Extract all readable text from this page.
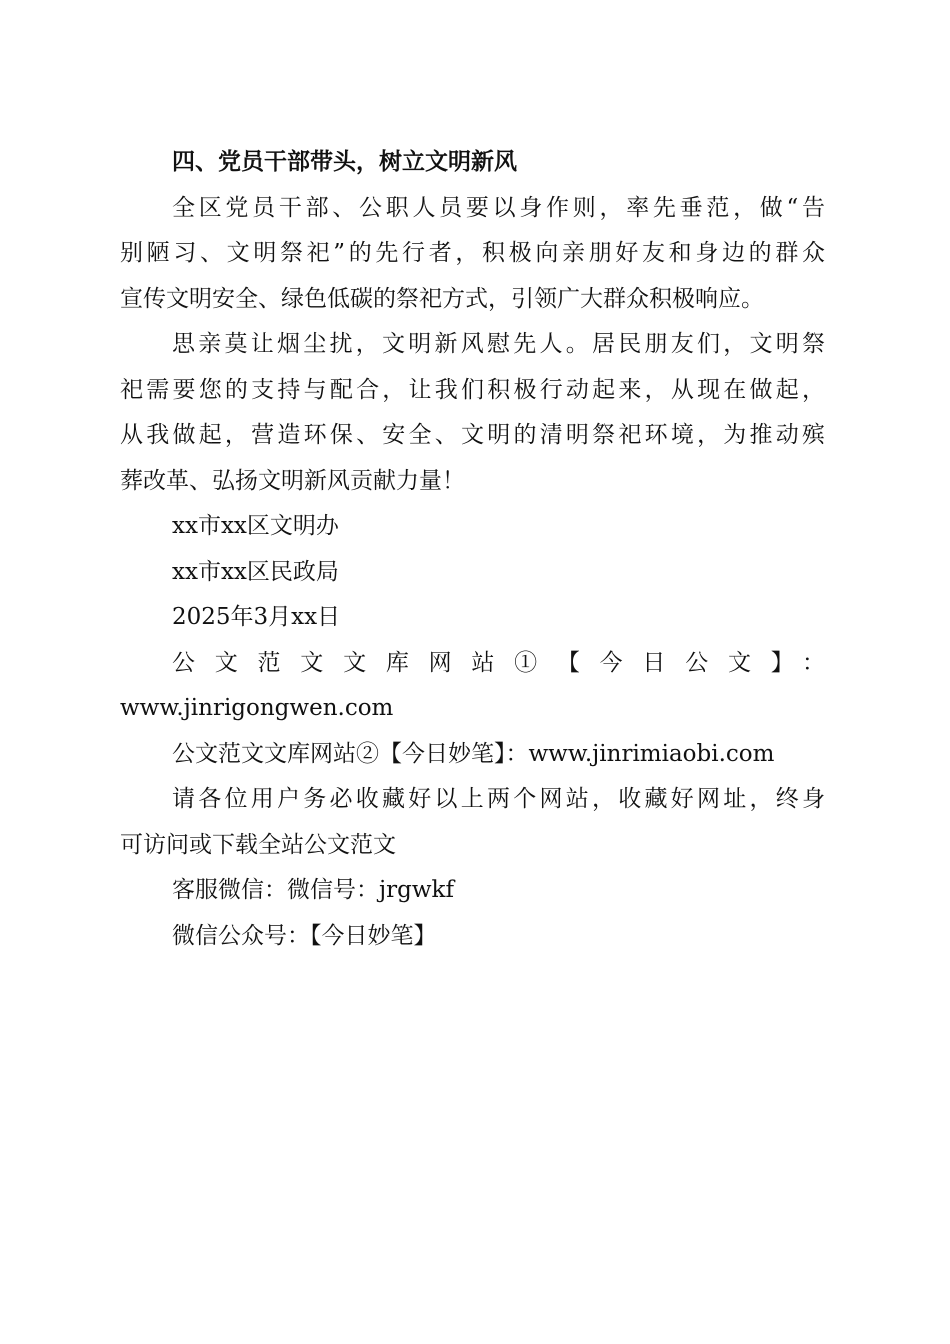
四、党员干部带头，树立文明新风
全区党员干部、公职人员要以身作则，率先垂范，做“告
别陋习、文明祭祀”的先行者，积极向亲朋好友和身边的群众
宣传文明安全、绿色低碳的祭祀方式，引领广大群众积极响应。
思亲莫让烟尘扰，文明新风慰先人。居民朋友们，文明祭
祀需要您的支持与配合，让我们积极行动起来，从现在做起，
从我做起，营造环保、安全、文明的清明祭祀环境，为推动殡
葬改革、弘扬文明新风贡献力量！
xx市xx区文明办
xx市xx区民政局
2025年3月xx日
公文范文文库网站①【今日公文】：
www.jinrigongwen.com
公文范文文库网站②【今日妙笔】：www.jinrimiaobi.com
请各位用户务必收藏好以上两个网站，收藏好网址，终身
可访问或下载全站公文范文
客服微信：微信号：jrgwkf
微信公众号：【今日妙笔】
